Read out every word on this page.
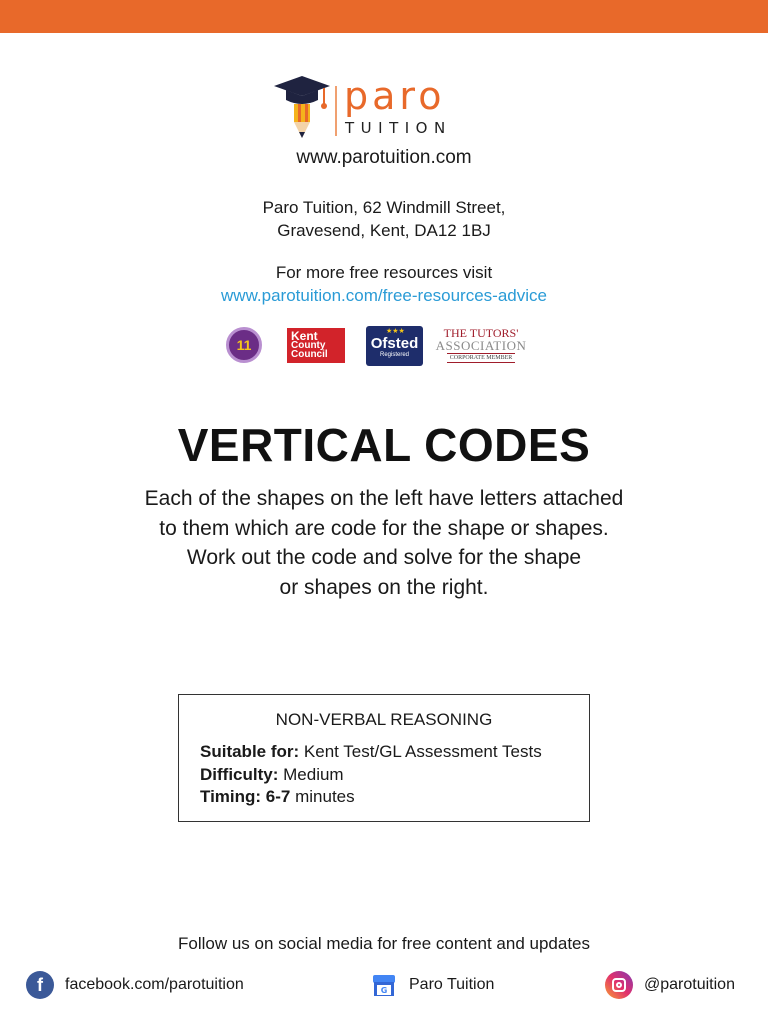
paro
TUITION
www.parotuition.com
Paro Tuition, 62 Windmill Street,
Gravesend, Kent, DA12 1BJ
For more free resources visit
www.parotuition.com/free-resources-advice
11
Kent
County
Council
★★★
Ofsted
Registered
THE TUTORS'
ASSOCIATION
CORPORATE MEMBER
VERTICAL CODES
Each of the shapes on the left have letters attached
to them which are code for the shape or shapes.
Work out the code and solve for the shape
or shapes on the right.
NON-VERBAL REASONING
Suitable for: Kent Test/GL Assessment Tests
Difficulty: Medium
Timing: 6-7 minutes
Follow us on social media for free content and updates
f	facebook.com/parotuition	G Paro Tuition	@parotuition
